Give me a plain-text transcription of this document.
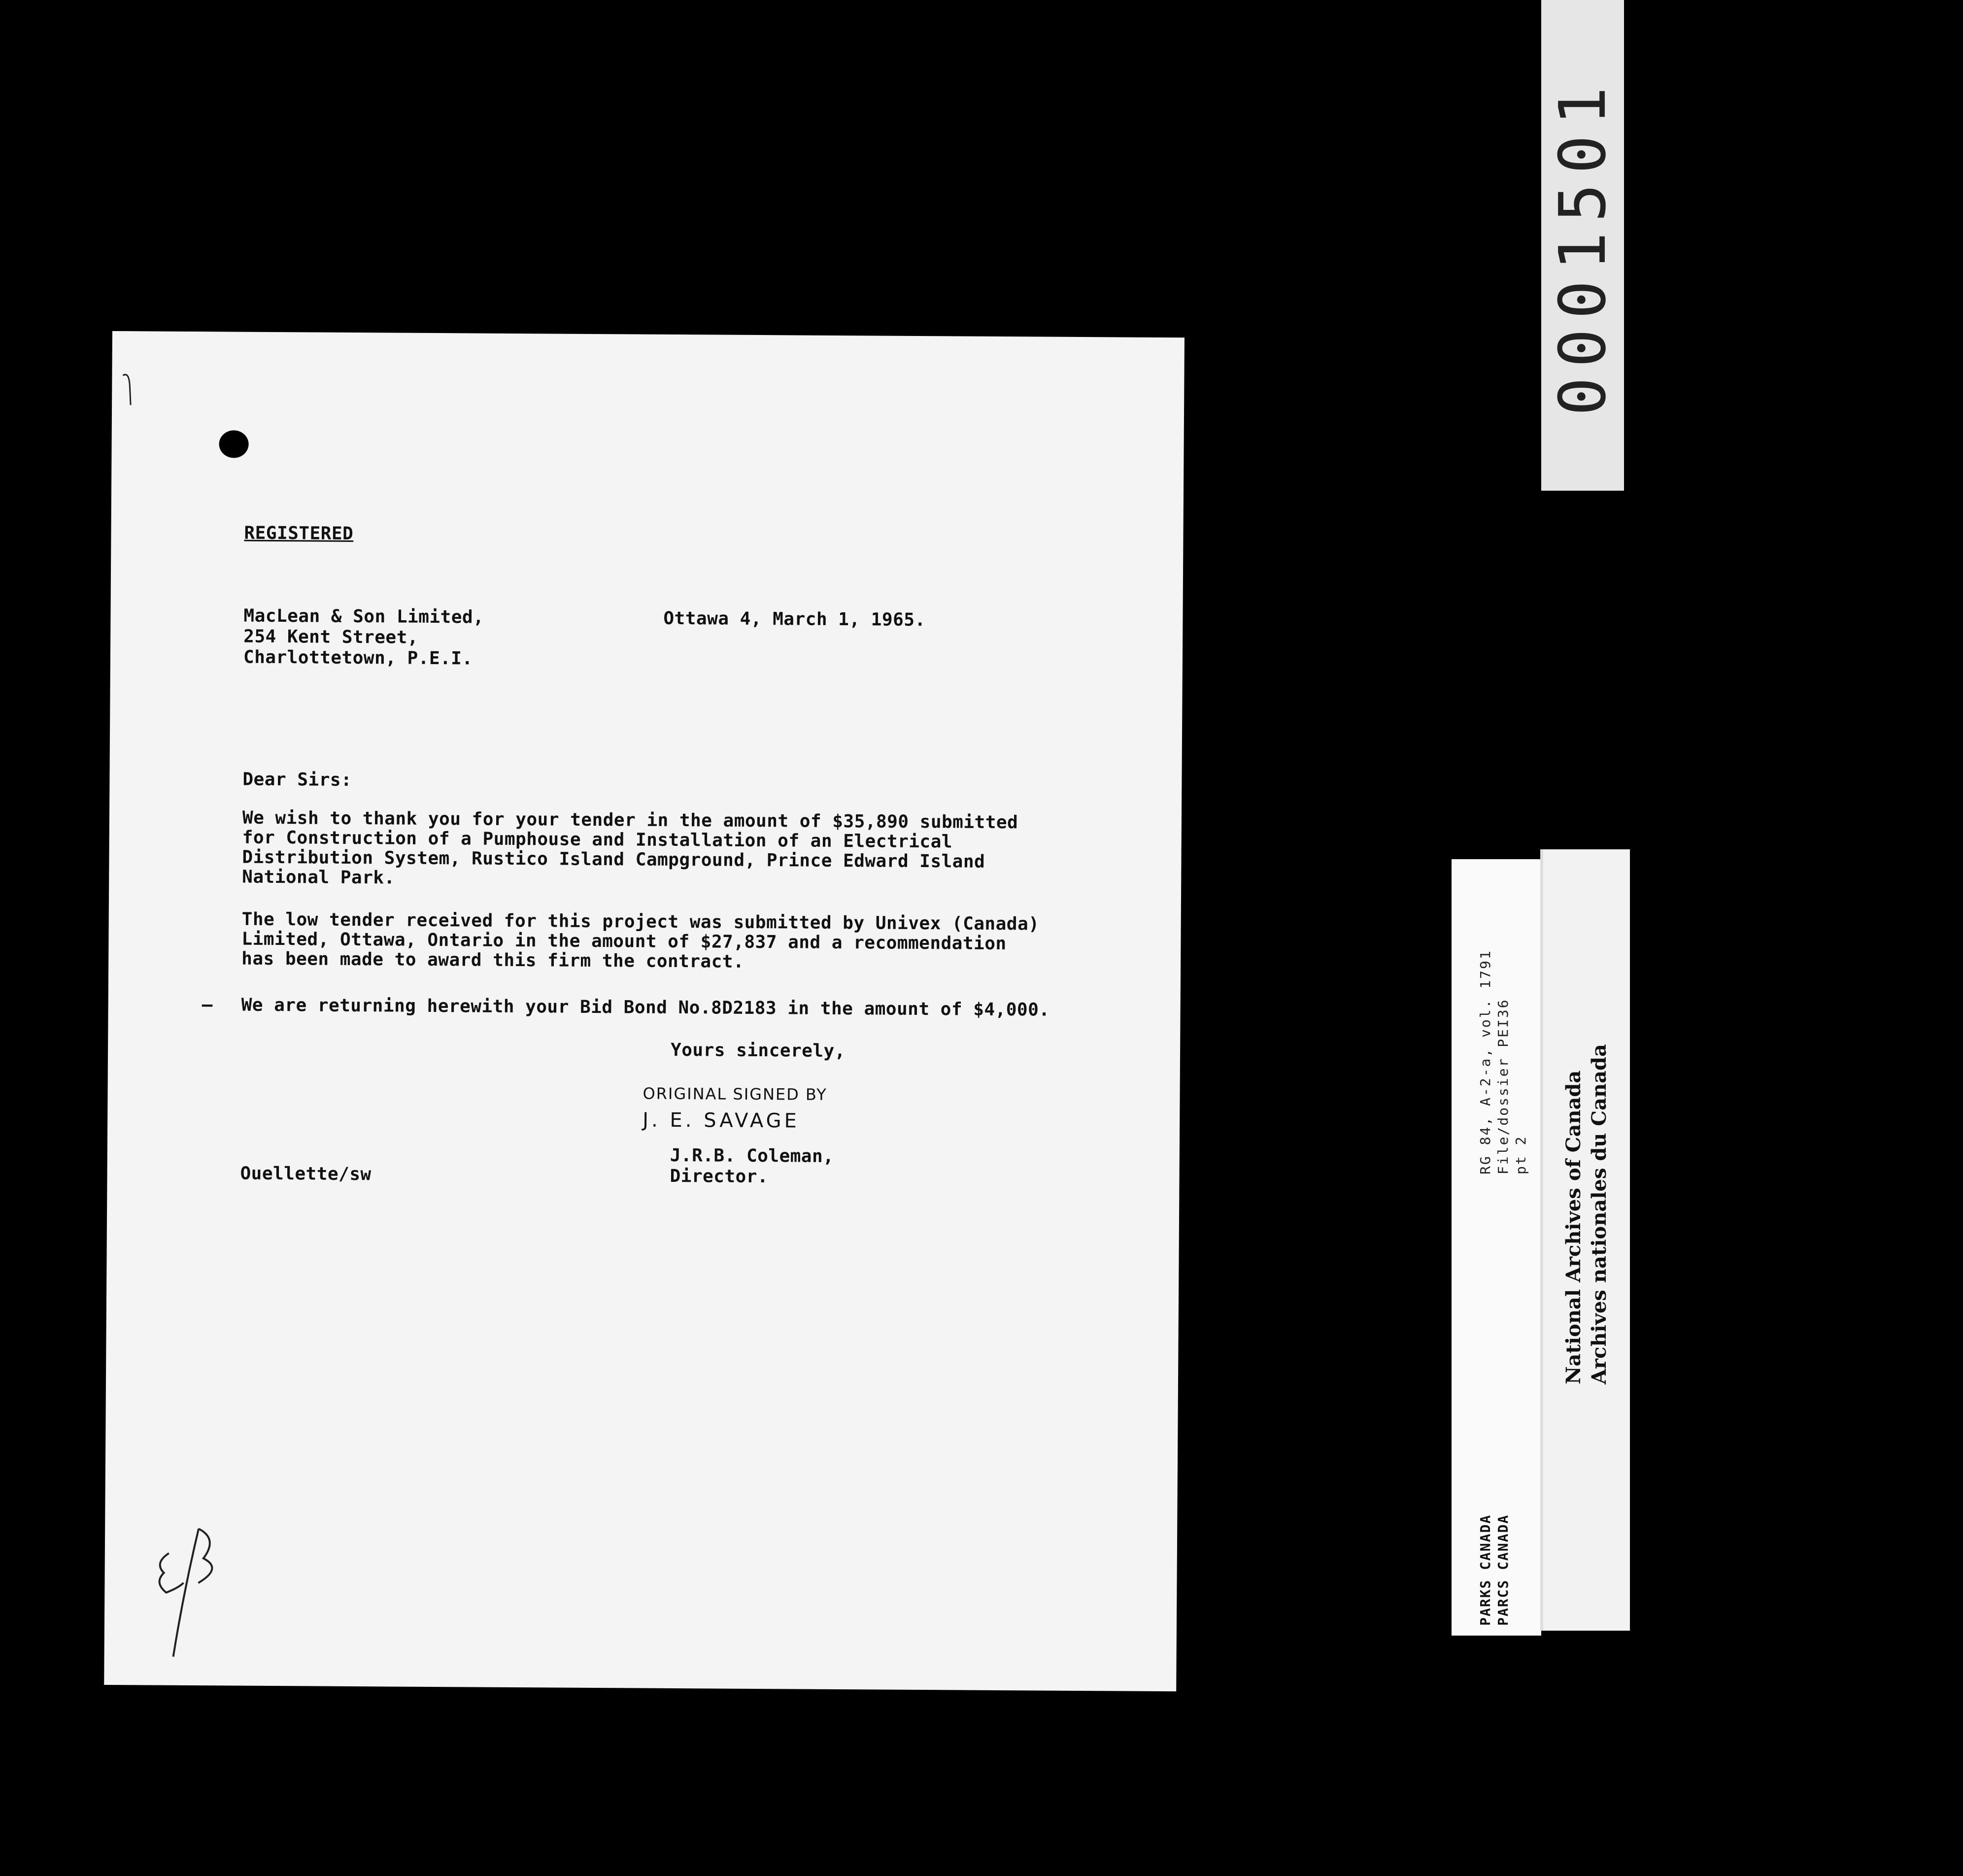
REGISTERED
MacLean & Son Limited,
254 Kent Street,
Charlottetown, P.E.I.
Ottawa 4, March 1, 1965.
Dear Sirs:
We wish to thank you for your tender in the amount of $35,890 submitted
for Construction of a Pumphouse and Installation of an Electrical
Distribution System, Rustico Island Campground, Prince Edward Island
National Park.
The low tender received for this project was submitted by Univex (Canada)
Limited, Ottawa, Ontario in the amount of $27,837 and a recommendation
has been made to award this firm the contract.
— We are returning herewith your Bid Bond No.8D2183 in the amount of $4,000.
Yours sincerely,
ORIGINAL SIGNED BY
J. E. SAVAGE
J.R.B. Coleman,
Director.
Ouellette/sw
0001501
RG 84, A-2-a, vol. 1791 File/dossier PEI36 pt 2
PARKS CANADA PARCS CANADA
National Archives of Canada Archives nationales du Canada
